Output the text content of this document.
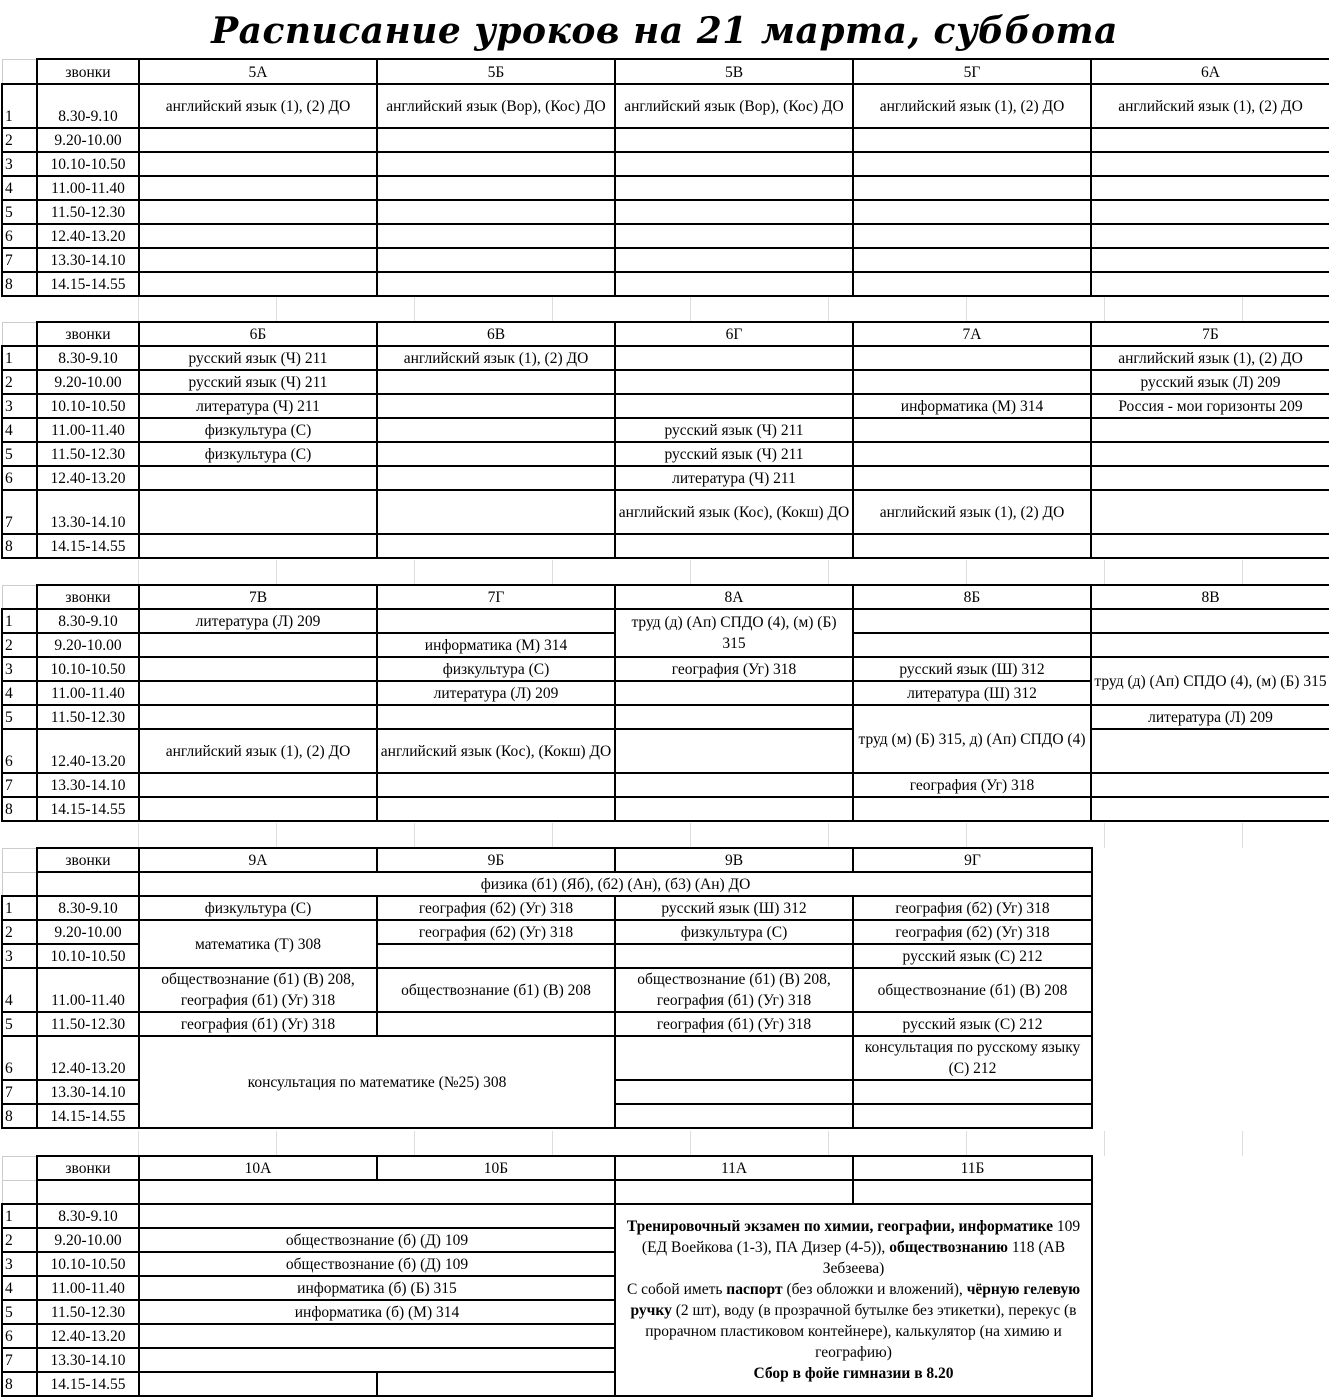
Расписание уроков на 21 марта, суббота
	звонки	5А	5Б	5В	5Г	6А
1	8.30-9.10	английский язык (1), (2) ДО	английский язык (Вор), (Кос) ДО	английский язык (Вор), (Кос) ДО	английский язык (1), (2) ДО	английский язык (1), (2) ДО
2	9.20-10.00					
3	10.10-10.50					
4	11.00-11.40					
5	11.50-12.30					
6	12.40-13.20					
7	13.30-14.10					
8	14.15-14.55					
	звонки	6Б	6В	6Г	7А	7Б
1	8.30-9.10	русский язык (Ч) 211	английский язык (1), (2) ДО			английский язык (1), (2) ДО
2	9.20-10.00	русский язык (Ч) 211				русский язык (Л) 209
3	10.10-10.50	литература (Ч) 211			информатика (М) 314	Россия - мои горизонты 209
4	11.00-11.40	физкультура (С)		русский язык (Ч) 211		
5	11.50-12.30	физкультура (С)		русский язык (Ч) 211		
6	12.40-13.20			литература (Ч) 211		
7	13.30-14.10			английский язык (Кос), (Кокш) ДО	английский язык (1), (2) ДО	
8	14.15-14.55					
	звонки	7В	7Г	8А	8Б	8В
1	8.30-9.10	литература (Л) 209		труд (д) (Ап) СПДО (4), (м) (Б) 315		
2	9.20-10.00		информатика (М) 314			
3	10.10-10.50		физкультура (С)	география (Уг) 318	русский язык (Ш) 312	труд (д) (Ап) СПДО (4), (м) (Б) 315
4	11.00-11.40		литература (Л) 209		литература (Ш) 312	
5	11.50-12.30				труд (м) (Б) 315, д) (Ап) СПДО (4)	литература (Л) 209
6	12.40-13.20	английский язык (1), (2) ДО	английский язык (Кос), (Кокш) ДО			
7	13.30-14.10				география (Уг) 318	
8	14.15-14.55					
	звонки	9А	9Б	9В	9Г
		физика (б1) (Яб), (б2) (Ан), (б3) (Ан) ДО			
1	8.30-9.10	физкультура (С)	география (б2) (Уг) 318	русский язык (Ш) 312	география (б2) (Уг) 318
2	9.20-10.00	математика (Т) 308	география (б2) (Уг) 318	физкультура (С)	география (б2) (Уг) 318
3	10.10-10.50				русский язык (С) 212
4	11.00-11.40	обществознание (б1) (В) 208, география (б1) (Уг) 318	обществознание (б1) (В) 208	обществознание (б1) (В) 208, география (б1) (Уг) 318	обществознание (б1) (В) 208
5	11.50-12.30	география (б1) (Уг) 318		география (б1) (Уг) 318	русский язык (С) 212
6	12.40-13.20	консультация по математике (№25) 308			консультация по русскому языку (С) 212
7	13.30-14.10				
8	14.15-14.55				
	звонки	10А	10Б	11А	11Б

1	8.30-9.10			Тренировочный экзамен по химии, географии, информатике 109 (ЕД Воейкова (1-3), ПА Дизер (4-5)), обществознанию 118 (АВ Зебзеева)
С собой иметь паспорт (без обложки и вложений), чёрную гелевую ручку (2 шт), воду (в прозрачной бутылке без этикетки), перекус (в прорачном пластиковом контейнере), калькулятор (на химию и географию)
Сбор в фойе гимназии в 8.20	
2	9.20-10.00	обществознание (б) (Д) 109			
3	10.10-10.50	обществознание (б) (Д) 109			
4	11.00-11.40	информатика (б) (Б) 315			
5	11.50-12.30	информатика (б) (М) 314			
6	12.40-13.20				
7	13.30-14.10				
8	14.15-14.55				
